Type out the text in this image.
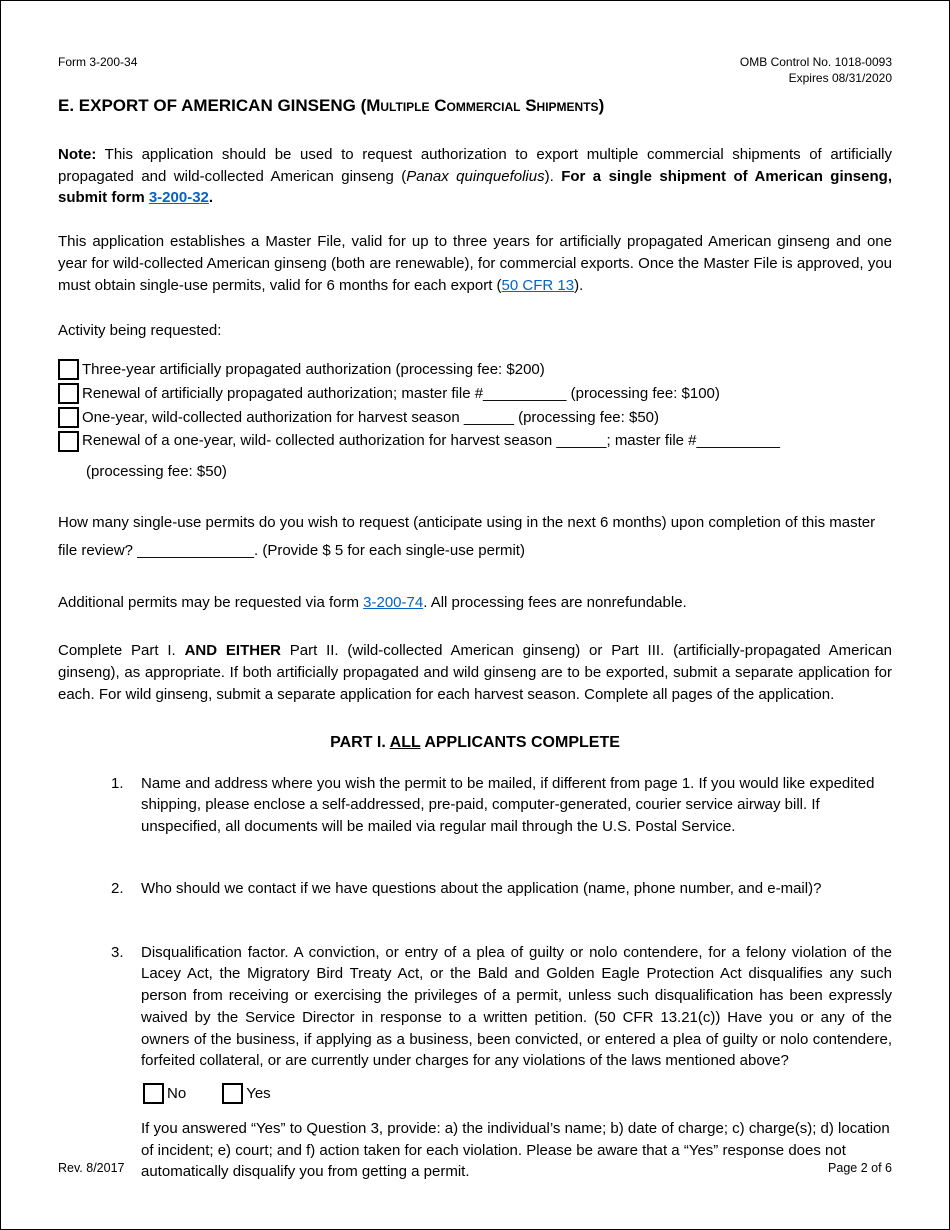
Form 3-200-34	OMB Control No. 1018-0093
Expires 08/31/2020
E. EXPORT OF AMERICAN GINSENG (Multiple Commercial Shipments)

Note: This application should be used to request authorization to export multiple commercial shipments of artificially propagated and wild-collected American ginseng (Panax quinquefolius). For a single shipment of American ginseng, submit form 3-200-32.

This application establishes a Master File, valid for up to three years for artificially propagated American ginseng and one year for wild-collected American ginseng (both are renewable), for commercial exports. Once the Master File is approved, you must obtain single-use permits, valid for 6 months for each export (50 CFR 13).

Activity being requested:

Three-year artificially propagated authorization (processing fee: $200)
Renewal of artificially propagated authorization; master file #__________ (processing fee: $100)
One-year, wild-collected authorization for harvest season ______ (processing fee: $50)
Renewal of a one-year, wild- collected authorization for harvest season ______; master file #__________
(processing fee: $50)

How many single-use permits do you wish to request (anticipate using in the next 6 months) upon completion of this master file review? ______________. (Provide $ 5 for each single-use permit)

Additional permits may be requested via form 3-200-74. All processing fees are nonrefundable.

Complete Part I. AND EITHER Part II. (wild-collected American ginseng) or Part III. (artificially-propagated American ginseng), as appropriate. If both artificially propagated and wild ginseng are to be exported, submit a separate application for each. For wild ginseng, submit a separate application for each harvest season. Complete all pages of the application.

PART I. ALL APPLICANTS COMPLETE
1.	Name and address where you wish the permit to be mailed, if different from page 1. If you would like expedited shipping, please enclose a self-addressed, pre-paid, computer-generated, courier service airway bill. If unspecified, all documents will be mailed via regular mail through the U.S. Postal Service.
2.	Who should we contact if we have questions about the application (name, phone number, and e-mail)?
3.	Disqualification factor. A conviction, or entry of a plea of guilty or nolo contendere, for a felony violation of the Lacey Act, the Migratory Bird Treaty Act, or the Bald and Golden Eagle Protection Act disqualifies any such person from receiving or exercising the privileges of a permit, unless such disqualification has been expressly waived by the Service Director in response to a written petition. (50 CFR 13.21(c)) Have you or any of the owners of the business, if applying as a business, been convicted, or entered a plea of guilty or nolo contendere, forfeited collateral, or are currently under charges for any violations of the laws mentioned above?
No	Yes
If you answered “Yes” to Question 3, provide: a) the individual’s name; b) date of charge; c) charge(s); d) location of incident; e) court; and f) action taken for each violation. Please be aware that a “Yes” response does not automatically disqualify you from getting a permit.
Rev. 8/2017	Page 2 of 6
